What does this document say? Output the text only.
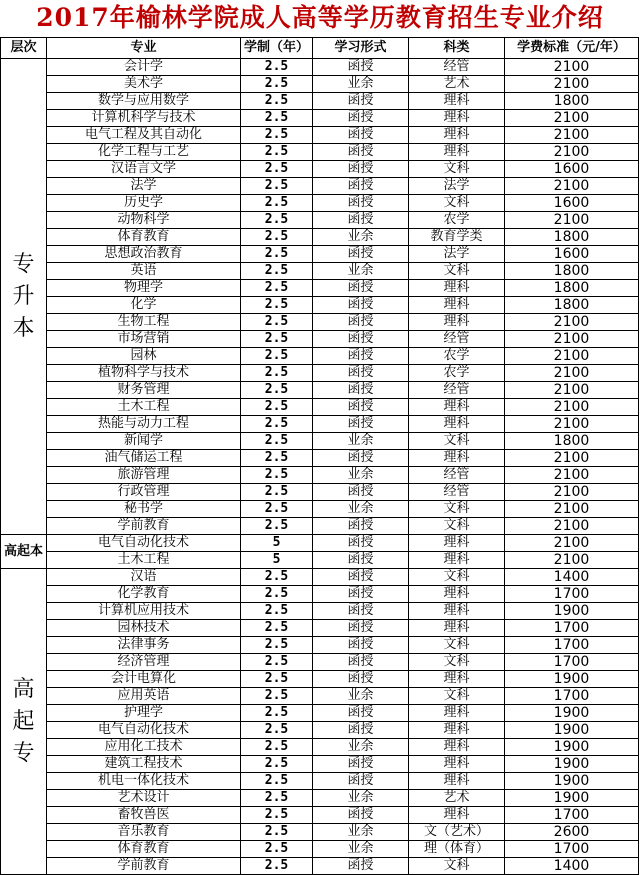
2017年榆林学院成人高等学历教育招生专业介绍
层次	专业	学制（年）	学习形式	科类	学费标准（元/年）

专升本	会计学	2.5	函授	经管	2100
	美术学	2.5	业余	艺术	2100
	数学与应用数学	2.5	函授	理科	1800
	计算机科学与技术	2.5	函授	理科	2100
	电气工程及其自动化	2.5	函授	理科	2100
	化学工程与工艺	2.5	函授	理科	2100
	汉语言文学	2.5	函授	文科	1600
	法学	2.5	函授	法学	2100
	历史学	2.5	函授	文科	1600
	动物科学	2.5	函授	农学	2100
	体育教育	2.5	业余	教育学类	1800
	思想政治教育	2.5	函授	法学	1600
	英语	2.5	业余	文科	1800
	物理学	2.5	函授	理科	1800
	化学	2.5	函授	理科	1800
	生物工程	2.5	函授	理科	2100
	市场营销	2.5	函授	经管	2100
	园林	2.5	函授	农学	2100
	植物科学与技术	2.5	函授	农学	2100
	财务管理	2.5	函授	经管	2100
	土木工程	2.5	函授	理科	2100
	热能与动力工程	2.5	函授	理科	2100
	新闻学	2.5	业余	文科	1800
	油气储运工程	2.5	函授	理科	2100
	旅游管理	2.5	业余	经管	2100
	行政管理	2.5	函授	经管	2100
	秘书学	2.5	业余	文科	2100
	学前教育	2.5	函授	文科	2100
高起本	电气自动化技术	5	函授	理科	2100
	土木工程	5	函授	理科	2100

高起专	汉语	2.5	函授	文科	1400
	化学教育	2.5	函授	理科	1700
	计算机应用技术	2.5	函授	理科	1900
	园林技术	2.5	函授	理科	1700
	法律事务	2.5	函授	文科	1700
	经济管理	2.5	函授	文科	1700
	会计电算化	2.5	函授	理科	1900
	应用英语	2.5	业余	文科	1700
	护理学	2.5	函授	理科	1900
	电气自动化技术	2.5	函授	理科	1900
	应用化工技术	2.5	业余	理科	1900
	建筑工程技术	2.5	函授	理科	1900
	机电一体化技术	2.5	函授	理科	1900
	艺术设计	2.5	业余	艺术	1900
	畜牧兽医	2.5	函授	理科	1700
	音乐教育	2.5	业余	文（艺术）	2600
	体育教育	2.5	业余	理（体育）	1700
	学前教育	2.5	函授	文科	1400
